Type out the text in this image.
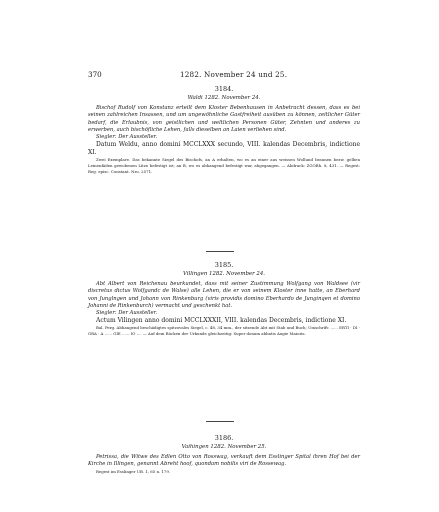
370	1282. November 24 und 25.
3184.
Waldi 1282. November 24.
Bischof Rudolf von Konstanz erteilt dem Kloster Bebenhausen in Anbetracht dessen, dass es bei seinen zahlreichen Insassen, und um ungewöhnliche Gastfreiheit ausüben zu können, zeitlicher Güter bedarf, die Erlaubnis, von geistlichen und weltlichen Personen Güter, Zehnten und anderes zu erwerben, auch bischöfliche Lehen, falls dieselben an Laien verliehen sind.
Siegler: Der Aussteller.
Datum Weldu, anno domini MCCLXXX secundo, VIII. kalendas Decembris, indictione XI.
Zwei Exemplare. Das bekannte Siegel des Bischofs, an A erhalten, wo es an einer aus weissen Wollund braunen bezw. gelben Leinenfäden gewobenen Litze befestigt ist; an B, wo es abhangend befestigt war, abgegangen. — Abdruck: ZGORh. 8, 431. — Regest: Reg. episc. Constant. Nro. 2571.
3185.
Villingen 1282. November 24.
Abt Albert von Reichenau beurkundet, dass mit seiner Zustimmung Wolfgang von Waldsee (vir discretus dictus Wolfgandc de Walse) alle Lehen, die er von seinem Kloster inne hatte, an Eberhard von Junglngen und Johann von Rinkenburg (viris providis domino Eberhardo de Junginqen et domino Johanni de Rinkenburch) vermacht und geschenkt hat.
Siegler: Der Aussteller.
Actum Vilingen anno domini MCCLXXXII, VIII. kalendas Decembris, indictione XI.
Bal. Perg. Abhangend beschädigtes spitzovales Siegel, c. 48, 34 mm., der sitzende Abt mit Stab und Buch; Umschrift: ...... ERTI · DI · GRA · A ...... GIE ...... IO .... — Auf dem Rücken der Urkunde gleichzeitig: Super donum abbatis Augie Maioris.
3186.
Vaihingen 1282. November 25.
Petrissa, die Witwe des Edlen Otto von Rosswag, verkauft dem Esslinger Spital ihren Hof bei der Kirche in Illingen, genannt Abreht hoof, quondam nobilis viri de Rossewag.
Regest im Esslinger UB. 1, 65 n. 179.
